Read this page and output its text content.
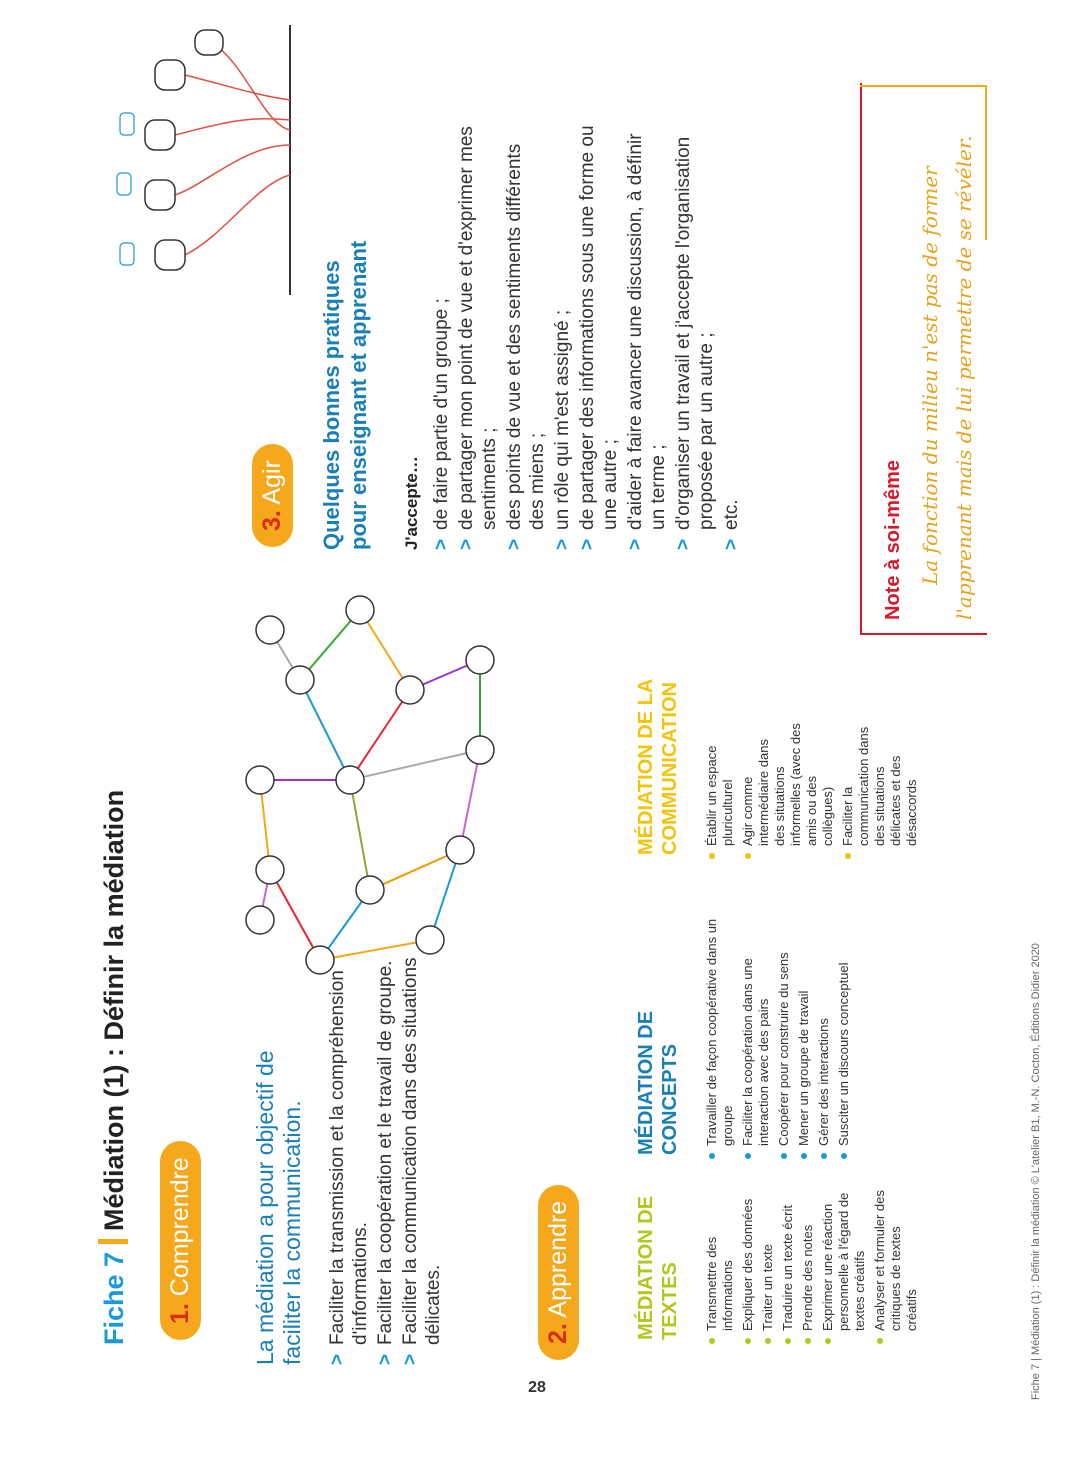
Fiche 7Médiation (1) : Définir la médiation
28
1. Comprendre	La médiation a pour objectif de faciliter la communication. >
Faciliter la transmission et la compréhension d'informations.
>
Faciliter la coopération et le travail de groupe.
>
Faciliter la communication dans des situations délicates.	2. Apprendre	MÉDIATION DE TEXTES Transmettre des informations Expliquer des données Traiter un texte Traduire un texte écrit Prendre des notes Exprimer une réaction personnelle à l'égard de textes créatifs Analyser et formuler des critiques de textes créatifs
MÉDIATION DE CONCEPTS Travailler de façon coopérative dans un groupe Faciliter la coopération dans une interaction avec des pairs Coopérer pour construire du sens Mener un groupe de travail Gérer des interactions Susciter un discours conceptuel
MÉDIATION DE LA COMMUNICATION Établir un espace pluriculturel Agir comme intermédiaire dans des situations informelles (avec des amis ou des collègues) Faciliter la communication dans des situations délicates et des désaccords
3. Agir	Quelques bonnes pratiques pour enseignant et apprenant J'accepte… >
de faire partie d'un groupe ;
>
de partager mon point de vue et d'exprimer mes sentiments ;
>
des points de vue et des sentiments différents des miens ;
>
un rôle qui m'est assigné ;
>
de partager des informations sous une forme ou une autre ;
>
d'aider à faire avancer une discussion, à définir un terme ;
>
d'organiser un travail et j'accepte l'organisation proposée par un autre ;
>
etc.	Note à soi-même La fonction du milieu n'est pas de former l'apprenant mais de lui permettre de se révéler.
Fiche 7 | Médiation (1) : Définir la médiation © L'atelier B1, M.-N. Cocton, Éditions Didier 2020
